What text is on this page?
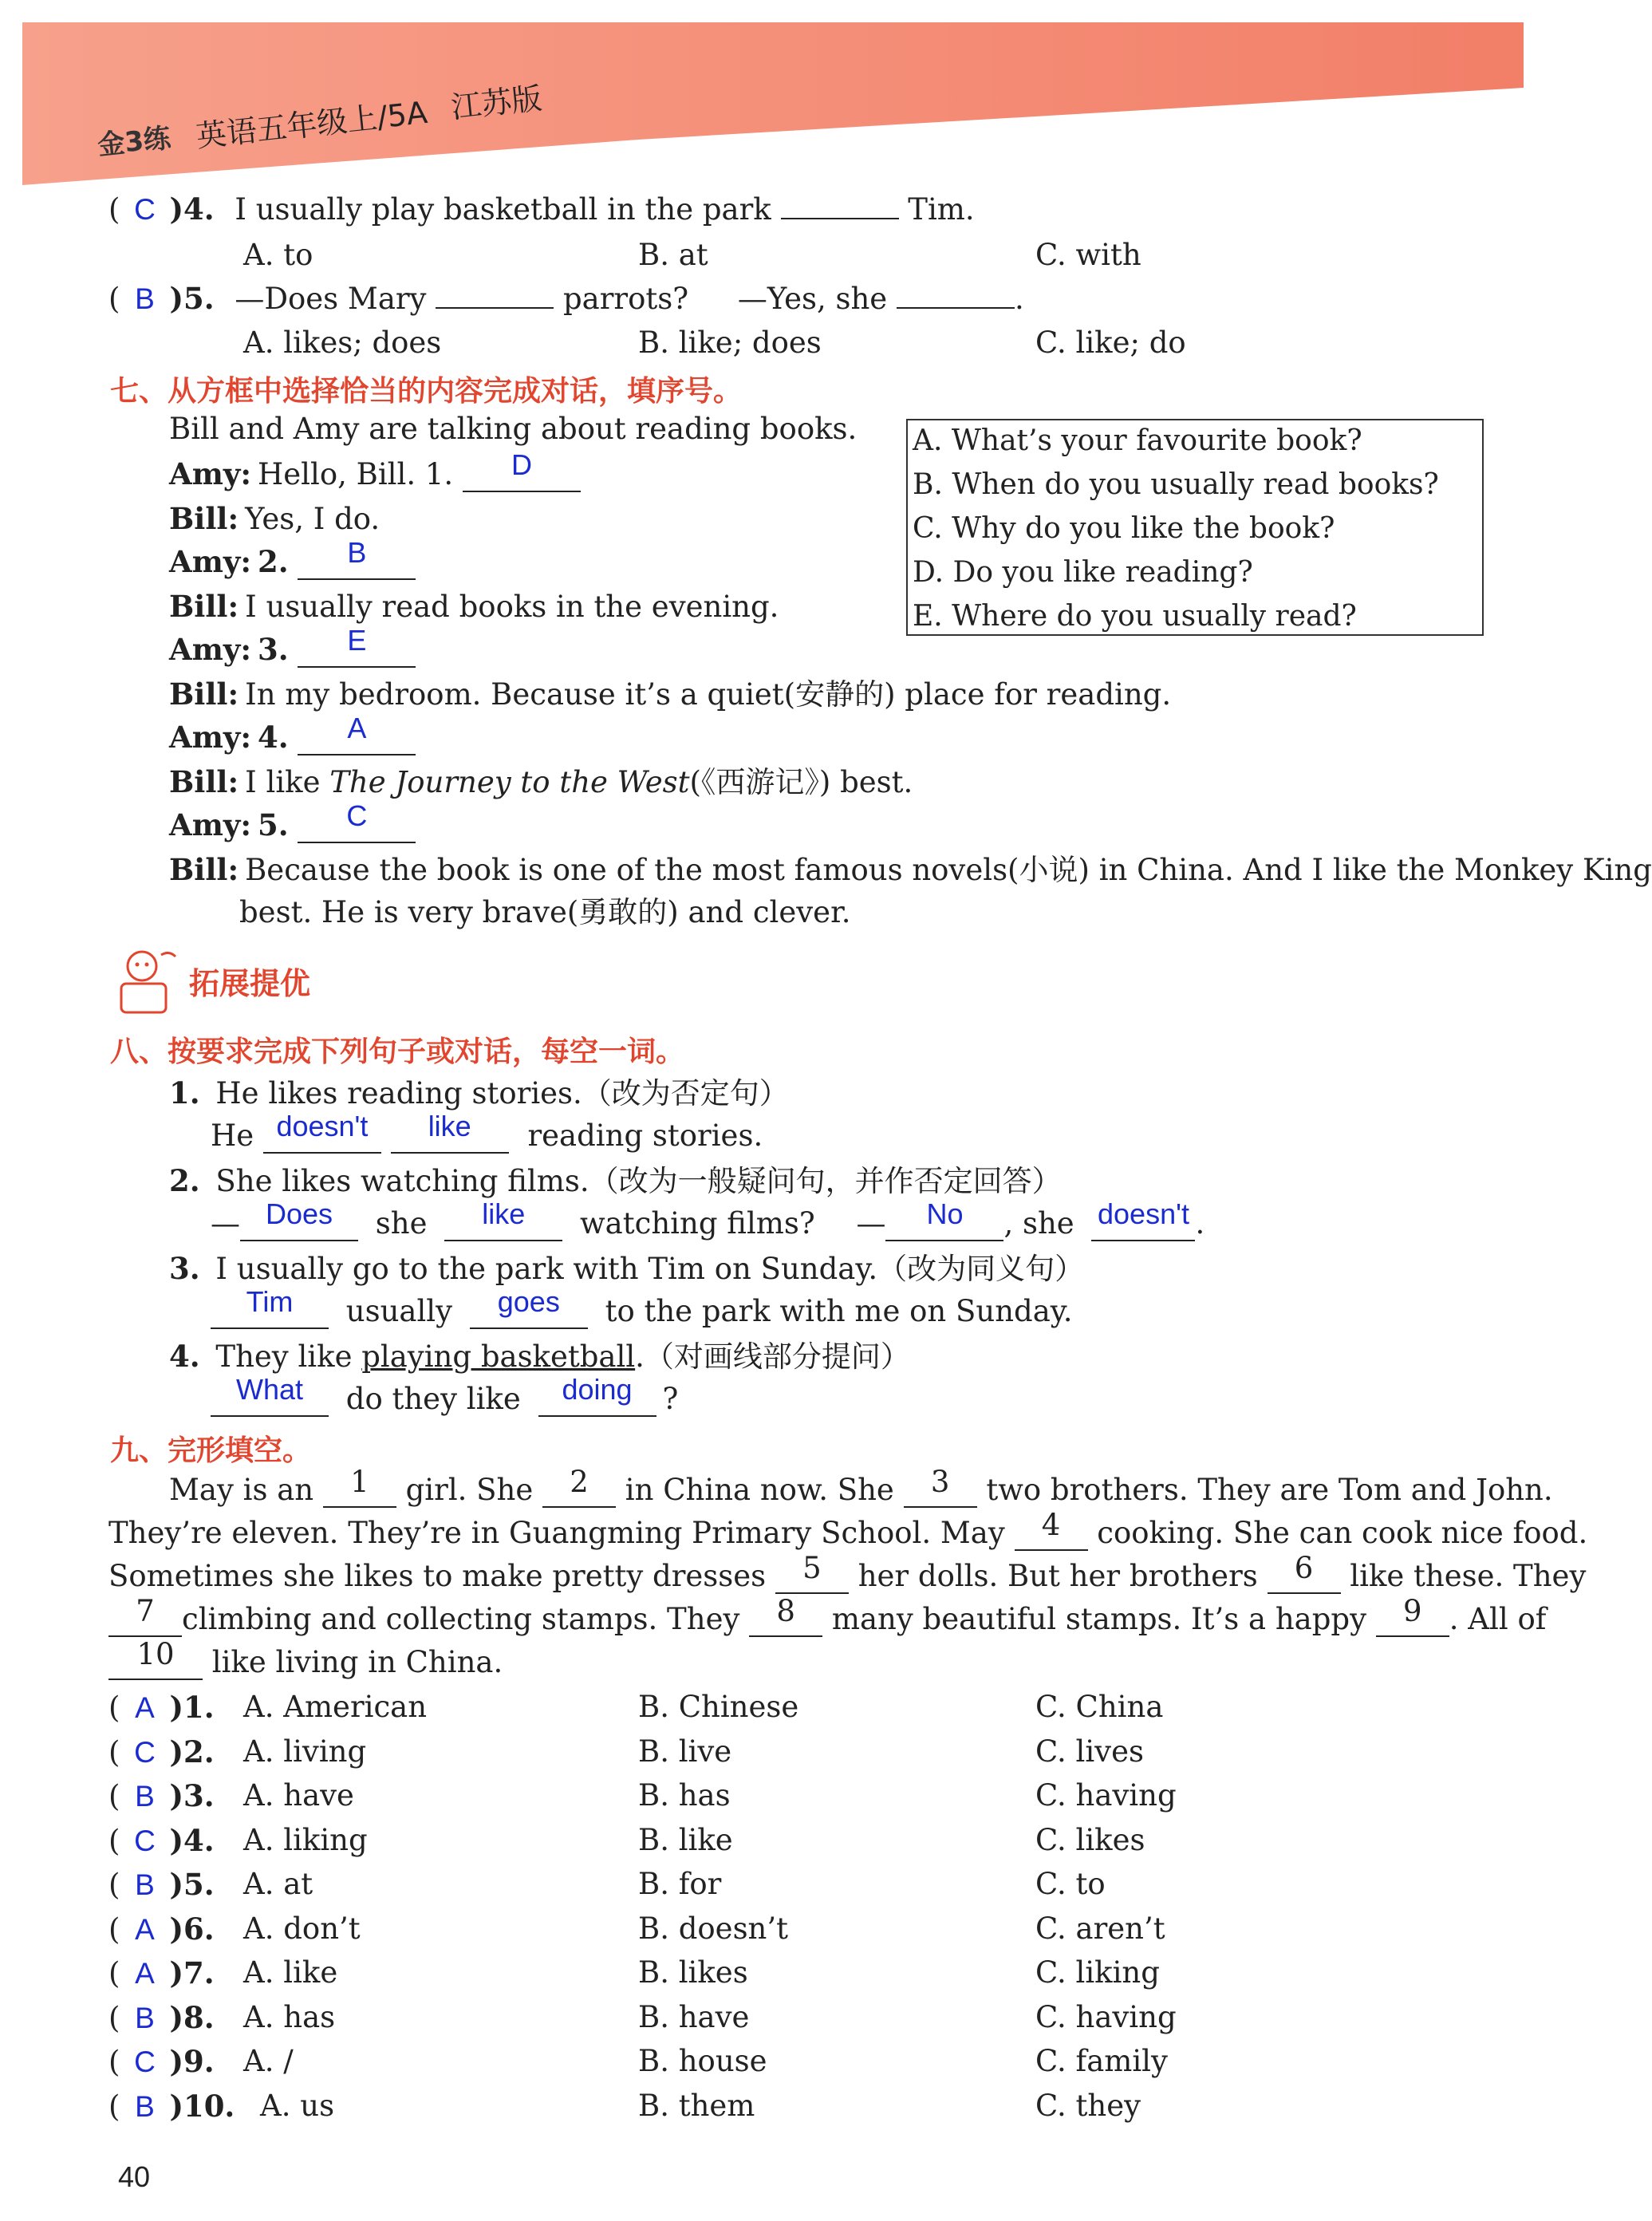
金3练 英语五年级上/5A 江苏版
( C )4. I usually play basketball in the park	Tim.
A. to	B. at	C. with
( B )5. —Does Mary	parrots? —Yes, she	.
A. likes; does	B. like; does	C. like; do
七、从方框中选择恰当的内容完成对话，填序号。
Bill and Amy are talking about reading books. A. What’s your favourite book?
B. When do you usually read books?
C. Why do you like the book?
D. Do you like reading?
E. Where do you usually read?
Amy: Hello, Bill. 1. D
Bill: Yes, I do.
Amy: 2. B
Bill: I usually read books in the evening.
Amy: 3. E
Bill: In my bedroom. Because it’s a quiet(安静的) place for reading.
Amy: 4. A
Bill: I like The Journey to the West(《西游记》) best.
Amy: 5. C
Bill: Because the book is one of the most famous novels(小说) in China. And I like the Monkey King
best. He is very brave(勇敢的) and clever.
拓展提优
八、按要求完成下列句子或对话，每空一词。
1. He likes reading stories.（改为否定句）
He doesn't like reading stories.
2. She likes watching films.（改为一般疑问句，并作否定回答）
— Does she like watching films? — No , she doesn't .
3. I usually go to the park with Tim on Sunday.（改为同义句）
Tim usually goes to the park with me on Sunday.
4. They like playing basketball.（对画线部分提问）
What do they like doing ?
九、完形填空。
May is an 1 girl. She 2 in China now. She 3 two brothers. They are Tom and John.
They’re eleven. They’re in Guangming Primary School. May 4 cooking. She can cook nice food.
Sometimes she likes to make pretty dresses 5 her dolls. But her brothers 6 like these. They
7 climbing and collecting stamps. They 8 many beautiful stamps. It’s a happy 9 . All of
10 like living in China.
( A )1. A. American	B. Chinese	C. China
( C )2. A. living	B. live	C. lives
( B )3. A. have	B. has	C. having
( C )4. A. liking	B. like	C. likes
( B )5. A. at	B. for	C. to
( A )6. A. don’t	B. doesn’t	C. aren’t
( A )7. A. like	B. likes	C. liking
( B )8. A. has	B. have	C. having
( C )9. A. /	B. house	C. family
( B )10. A. us	B. them	C. they
40
